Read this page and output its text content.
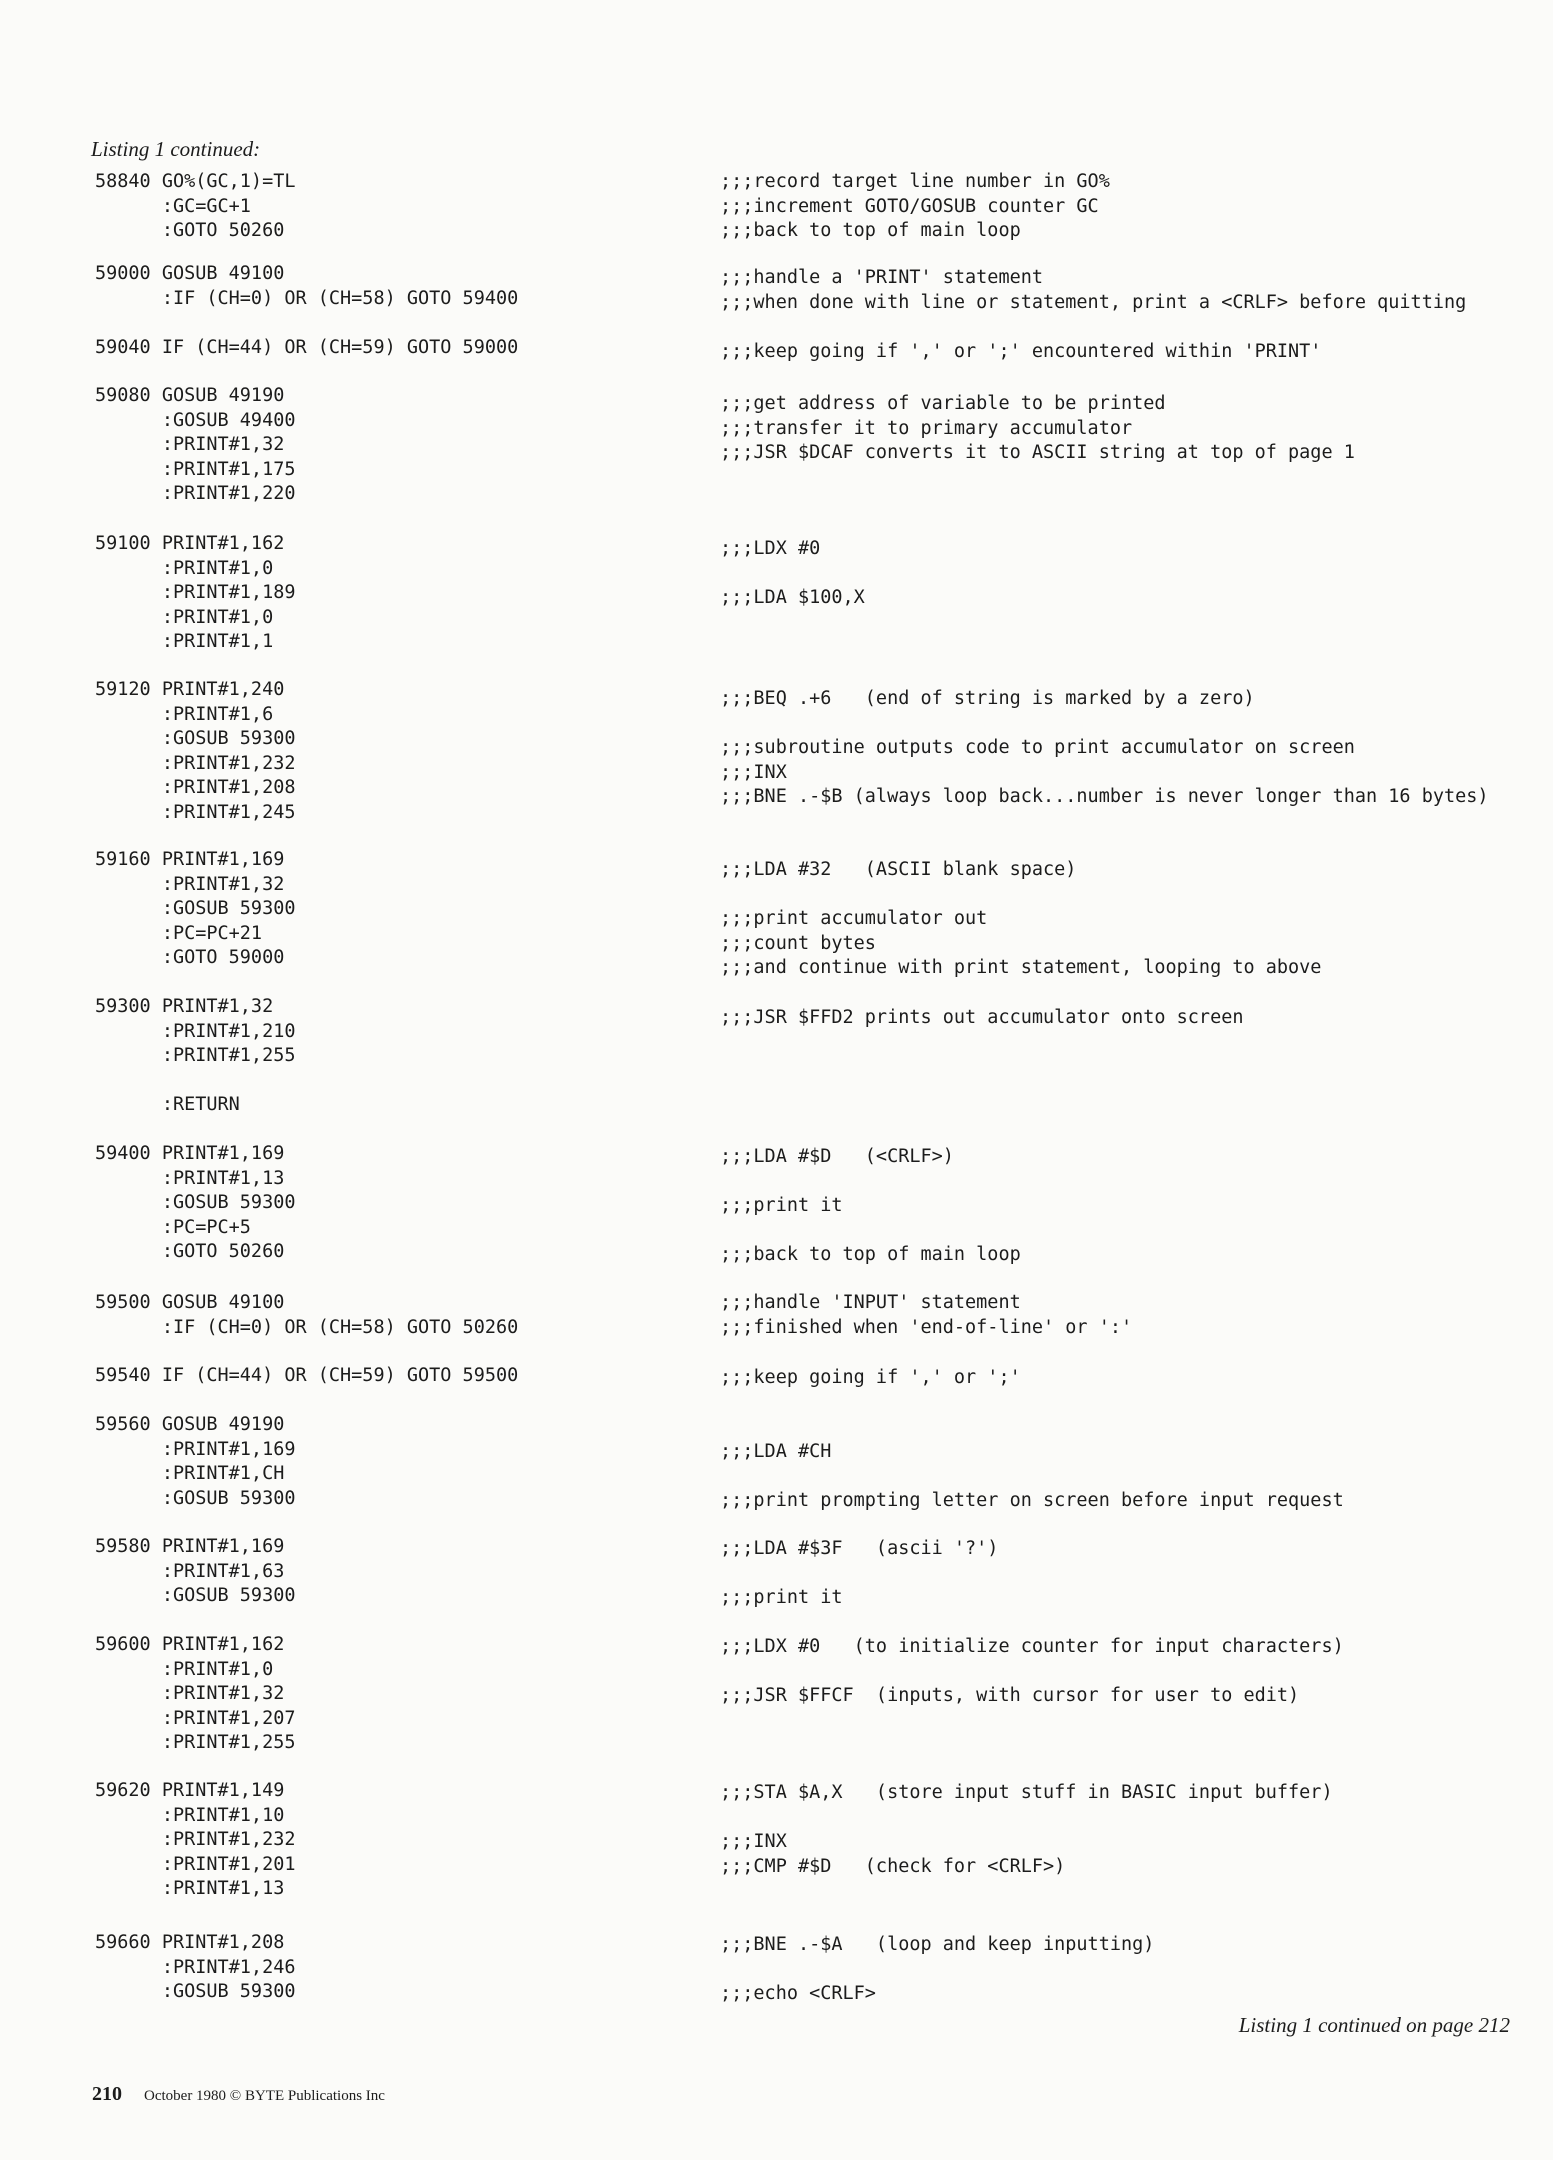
Listing 1 continued:
58840 GO%(GC,1)=TL
:GC=GC+1
:GOTO 50260
;;;record target line number in GO%
;;;increment GOTO/GOSUB counter GC
;;;back to top of main loop
59000 GOSUB 49100
:IF (CH=0) OR (CH=58) GOTO 59400
;;;handle a 'PRINT' statement
;;;when done with line or statement, print a <CRLF> before quitting
59040 IF (CH=44) OR (CH=59) GOTO 59000	;;;keep going if ',' or ';' encountered within 'PRINT'
59080 GOSUB 49190
:GOSUB 49400
:PRINT#1,32
:PRINT#1,175
:PRINT#1,220
;;;get address of variable to be printed
;;;transfer it to primary accumulator
;;;JSR $DCAF converts it to ASCII string at top of page 1
59100 PRINT#1,162
:PRINT#1,0
:PRINT#1,189
:PRINT#1,0
:PRINT#1,1
;;;LDX #0

;;;LDA $100,X
59120 PRINT#1,240
:PRINT#1,6
:GOSUB 59300
:PRINT#1,232
:PRINT#1,208
:PRINT#1,245
;;;BEQ .+6   (end of string is marked by a zero)

;;;subroutine outputs code to print accumulator on screen
;;;INX
;;;BNE .-$B (always loop back...number is never longer than 16 bytes)
59160 PRINT#1,169
:PRINT#1,32
:GOSUB 59300
:PC=PC+21
:GOTO 59000
;;;LDA #32   (ASCII blank space)

;;;print accumulator out
;;;count bytes
;;;and continue with print statement, looping to above
59300 PRINT#1,32
:PRINT#1,210
:PRINT#1,255

:RETURN
;;;JSR $FFD2 prints out accumulator onto screen
59400 PRINT#1,169
:PRINT#1,13
:GOSUB 59300
:PC=PC+5
:GOTO 50260
;;;LDA #$D   (<CRLF>)

;;;print it

;;;back to top of main loop
59500 GOSUB 49100
:IF (CH=0) OR (CH=58) GOTO 50260
;;;handle 'INPUT' statement
;;;finished when 'end-of-line' or ':'
59540 IF (CH=44) OR (CH=59) GOTO 59500	;;;keep going if ',' or ';'
59560 GOSUB 49190
:PRINT#1,169
:PRINT#1,CH
:GOSUB 59300

;;;LDA #CH

;;;print prompting letter on screen before input request
59580 PRINT#1,169
:PRINT#1,63
:GOSUB 59300
;;;LDA #$3F   (ascii '?')

;;;print it
59600 PRINT#1,162
:PRINT#1,0
:PRINT#1,32
:PRINT#1,207
:PRINT#1,255
;;;LDX #0   (to initialize counter for input characters)

;;;JSR $FFCF  (inputs, with cursor for user to edit)
59620 PRINT#1,149
:PRINT#1,10
:PRINT#1,232
:PRINT#1,201
:PRINT#1,13
;;;STA $A,X   (store input stuff in BASIC input buffer)

;;;INX
;;;CMP #$D   (check for <CRLF>)
59660 PRINT#1,208
:PRINT#1,246
:GOSUB 59300
;;;BNE .-$A   (loop and keep inputting)

;;;echo <CRLF>
Listing 1 continued on page 212
210 October 1980 © BYTE Publications Inc
